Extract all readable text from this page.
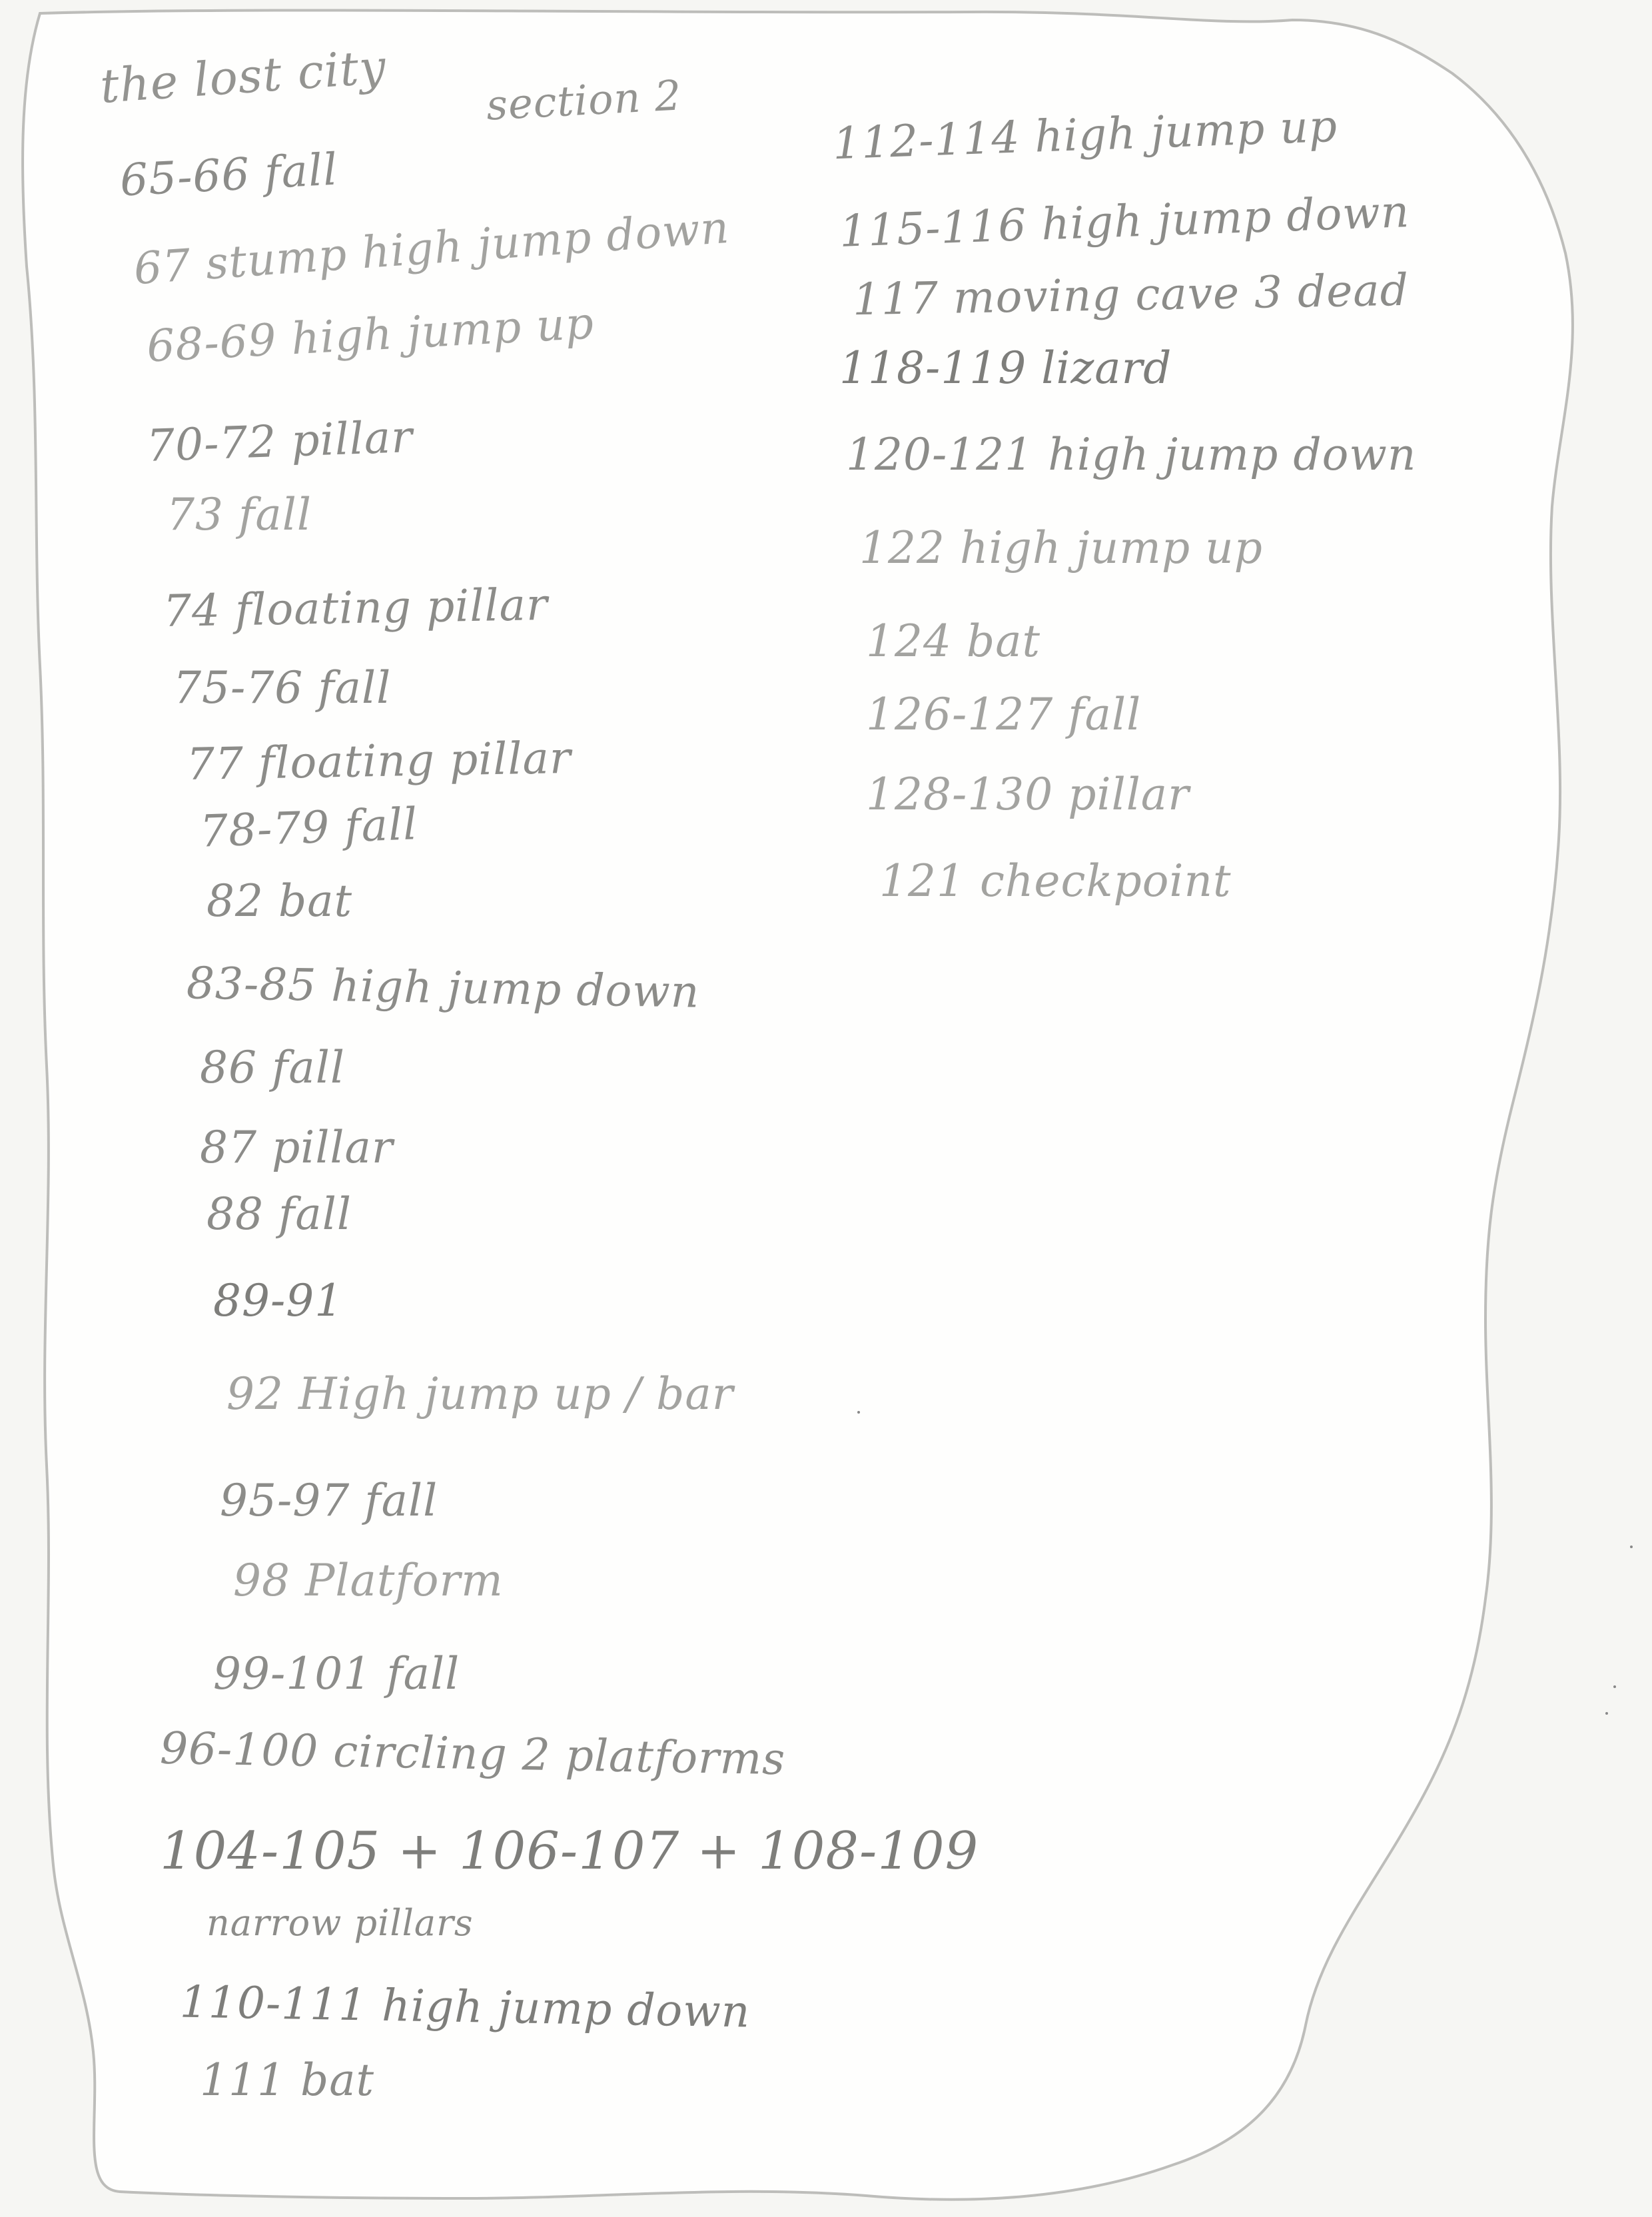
the lost city section 2
65-66 fall
67 stump high jump down
68-69 high jump up
70-72 pillar
73 fall
74 floating pillar
75-76 fall
77 floating pillar
78-79 fall
82 bat
83-85 high jump down
86 fall
87 pillar
88 fall
89-91
92 High jump up / bar
95-97 fall
98 Platform
99-101 fall
96-100 circling 2 platforms
104-105 + 106-107 + 108-109
narrow pillars
110-111 high jump down
111 bat
112-114 high jump up
115-116 high jump down
117 moving cave 3 dead
118-119 lizard
120-121 high jump down
122 high jump up
124 bat
126-127 fall
128-130 pillar
121 checkpoint
